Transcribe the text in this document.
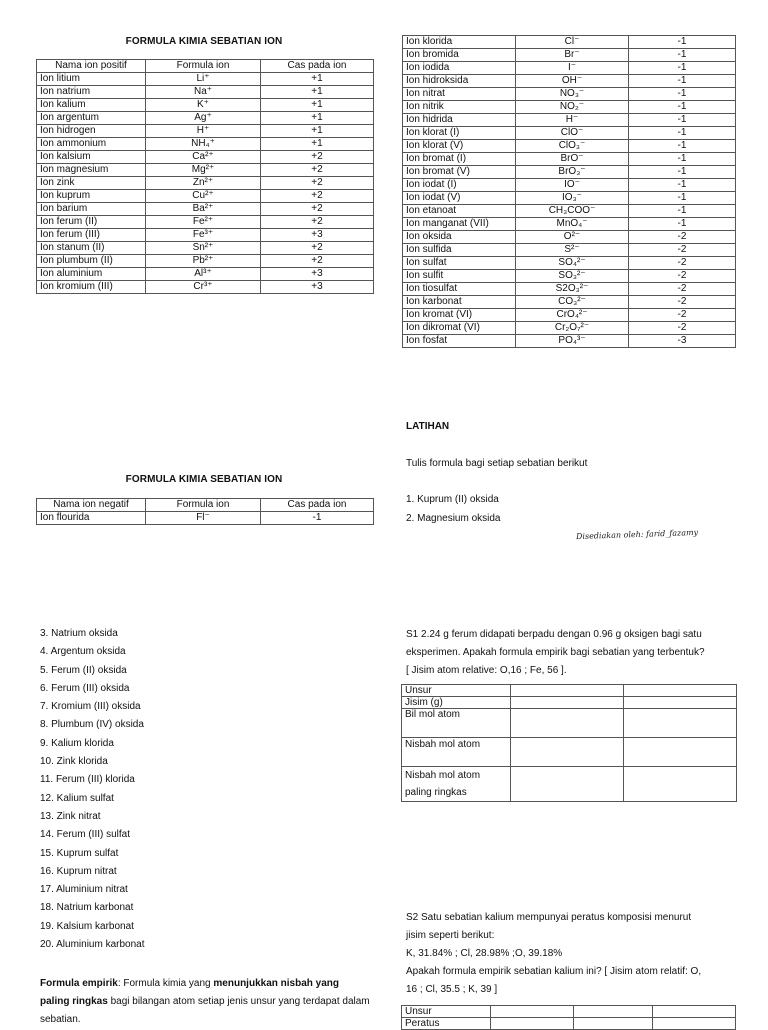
FORMULA KIMIA SEBATIAN ION
Nama ion positif	Formula ion	Cas pada ion
Ion litium	Li⁺	+1
Ion natrium	Na⁺	+1
Ion kalium	K⁺	+1
Ion argentum	Ag⁺	+1
Ion hidrogen	H⁺	+1
Ion ammonium	NH₄⁺	+1
Ion kalsium	Ca²⁺	+2
Ion magnesium	Mg²⁺	+2
Ion zink	Zn²⁺	+2
Ion kuprum	Cu²⁺	+2
Ion barium	Ba²⁺	+2
Ion ferum (II)	Fe²⁺	+2
Ion ferum (III)	Fe³⁺	+3
Ion stanum (II)	Sn²⁺	+2
Ion plumbum (II)	Pb²⁺	+2
Ion aluminium	Al³⁺	+3
Ion kromium (III)	Cr³⁺	+3
Ion klorida	Cl⁻	-1
Ion bromida	Br⁻	-1
Ion iodida	I⁻	-1
Ion hidroksida	OH⁻	-1
Ion nitrat	NO₃⁻	-1
Ion nitrik	NO₂⁻	-1
Ion hidrida	H⁻	-1
Ion klorat (I)	ClO⁻	-1
Ion klorat (V)	ClO₃⁻	-1
Ion bromat (I)	BrO⁻	-1
Ion bromat (V)	BrO₃⁻	-1
Ion iodat (I)	IO⁻	-1
Ion iodat (V)	IO₃⁻	-1
Ion etanoat	CH₃COO⁻	-1
Ion manganat (VII)	MnO₄⁻	-1
Ion oksida	O²⁻	-2
Ion sulfida	S²⁻	-2
Ion sulfat	SO₄²⁻	-2
Ion sulfit	SO₃²⁻	-2
Ion tiosulfat	S2O₃²⁻	-2
Ion karbonat	CO₃²⁻	-2
Ion kromat (VI)	CrO₄²⁻	-2
Ion dikromat (VI)	Cr₂O₇²⁻	-2
Ion fosfat	PO₄³⁻	-3
FORMULA KIMIA SEBATIAN ION
Nama ion negatif	Formula ion	Cas pada ion
Ion flourida	Fl⁻	-1
LATIHAN
Tulis formula bagi setiap sebatian berikut
1. Kuprum (II) oksida
2. Magnesium oksida
Disediakan oleh: farid_fazamy
3. Natrium oksida
4. Argentum oksida
5. Ferum (II) oksida
6. Ferum (III) oksida
7. Kromium (III) oksida
8. Plumbum (IV) oksida
9. Kalium klorida
10. Zink klorida
11. Ferum (III) klorida
12. Kalium sulfat
13. Zink nitrat
14. Ferum (III) sulfat
15. Kuprum sulfat
16. Kuprum nitrat
17. Aluminium nitrat
18. Natrium karbonat
19. Kalsium karbonat
20. Aluminium karbonat

Formula empirik: Formula kimia yang menunjukkan nisbah yang paling ringkas bagi bilangan atom setiap jenis unsur yang terdapat dalam sebatian.

S1 2.24 g ferum didapati berpadu dengan 0.96 g oksigen bagi satu

eksperimen. Apakah formula empirik bagi sebatian yang terbentuk?

[ Jisim atom relative: O,16 ; Fe, 56 ].

Unsur		
Jisim (g)		
Bil mol atom		
Nisbah mol atom		
Nisbah mol atom paling ringkas		

S2 Satu sebatian kalium mempunyai peratus komposisi menurut

jisim seperti berikut:

K, 31.84% ; Cl, 28.98% ;O, 39.18%

Apakah formula empirik sebatian kalium ini? [ Jisim atom relatif: O,

16 ; Cl, 35.5 ; K, 39 ]

Unsur			
Peratus			
